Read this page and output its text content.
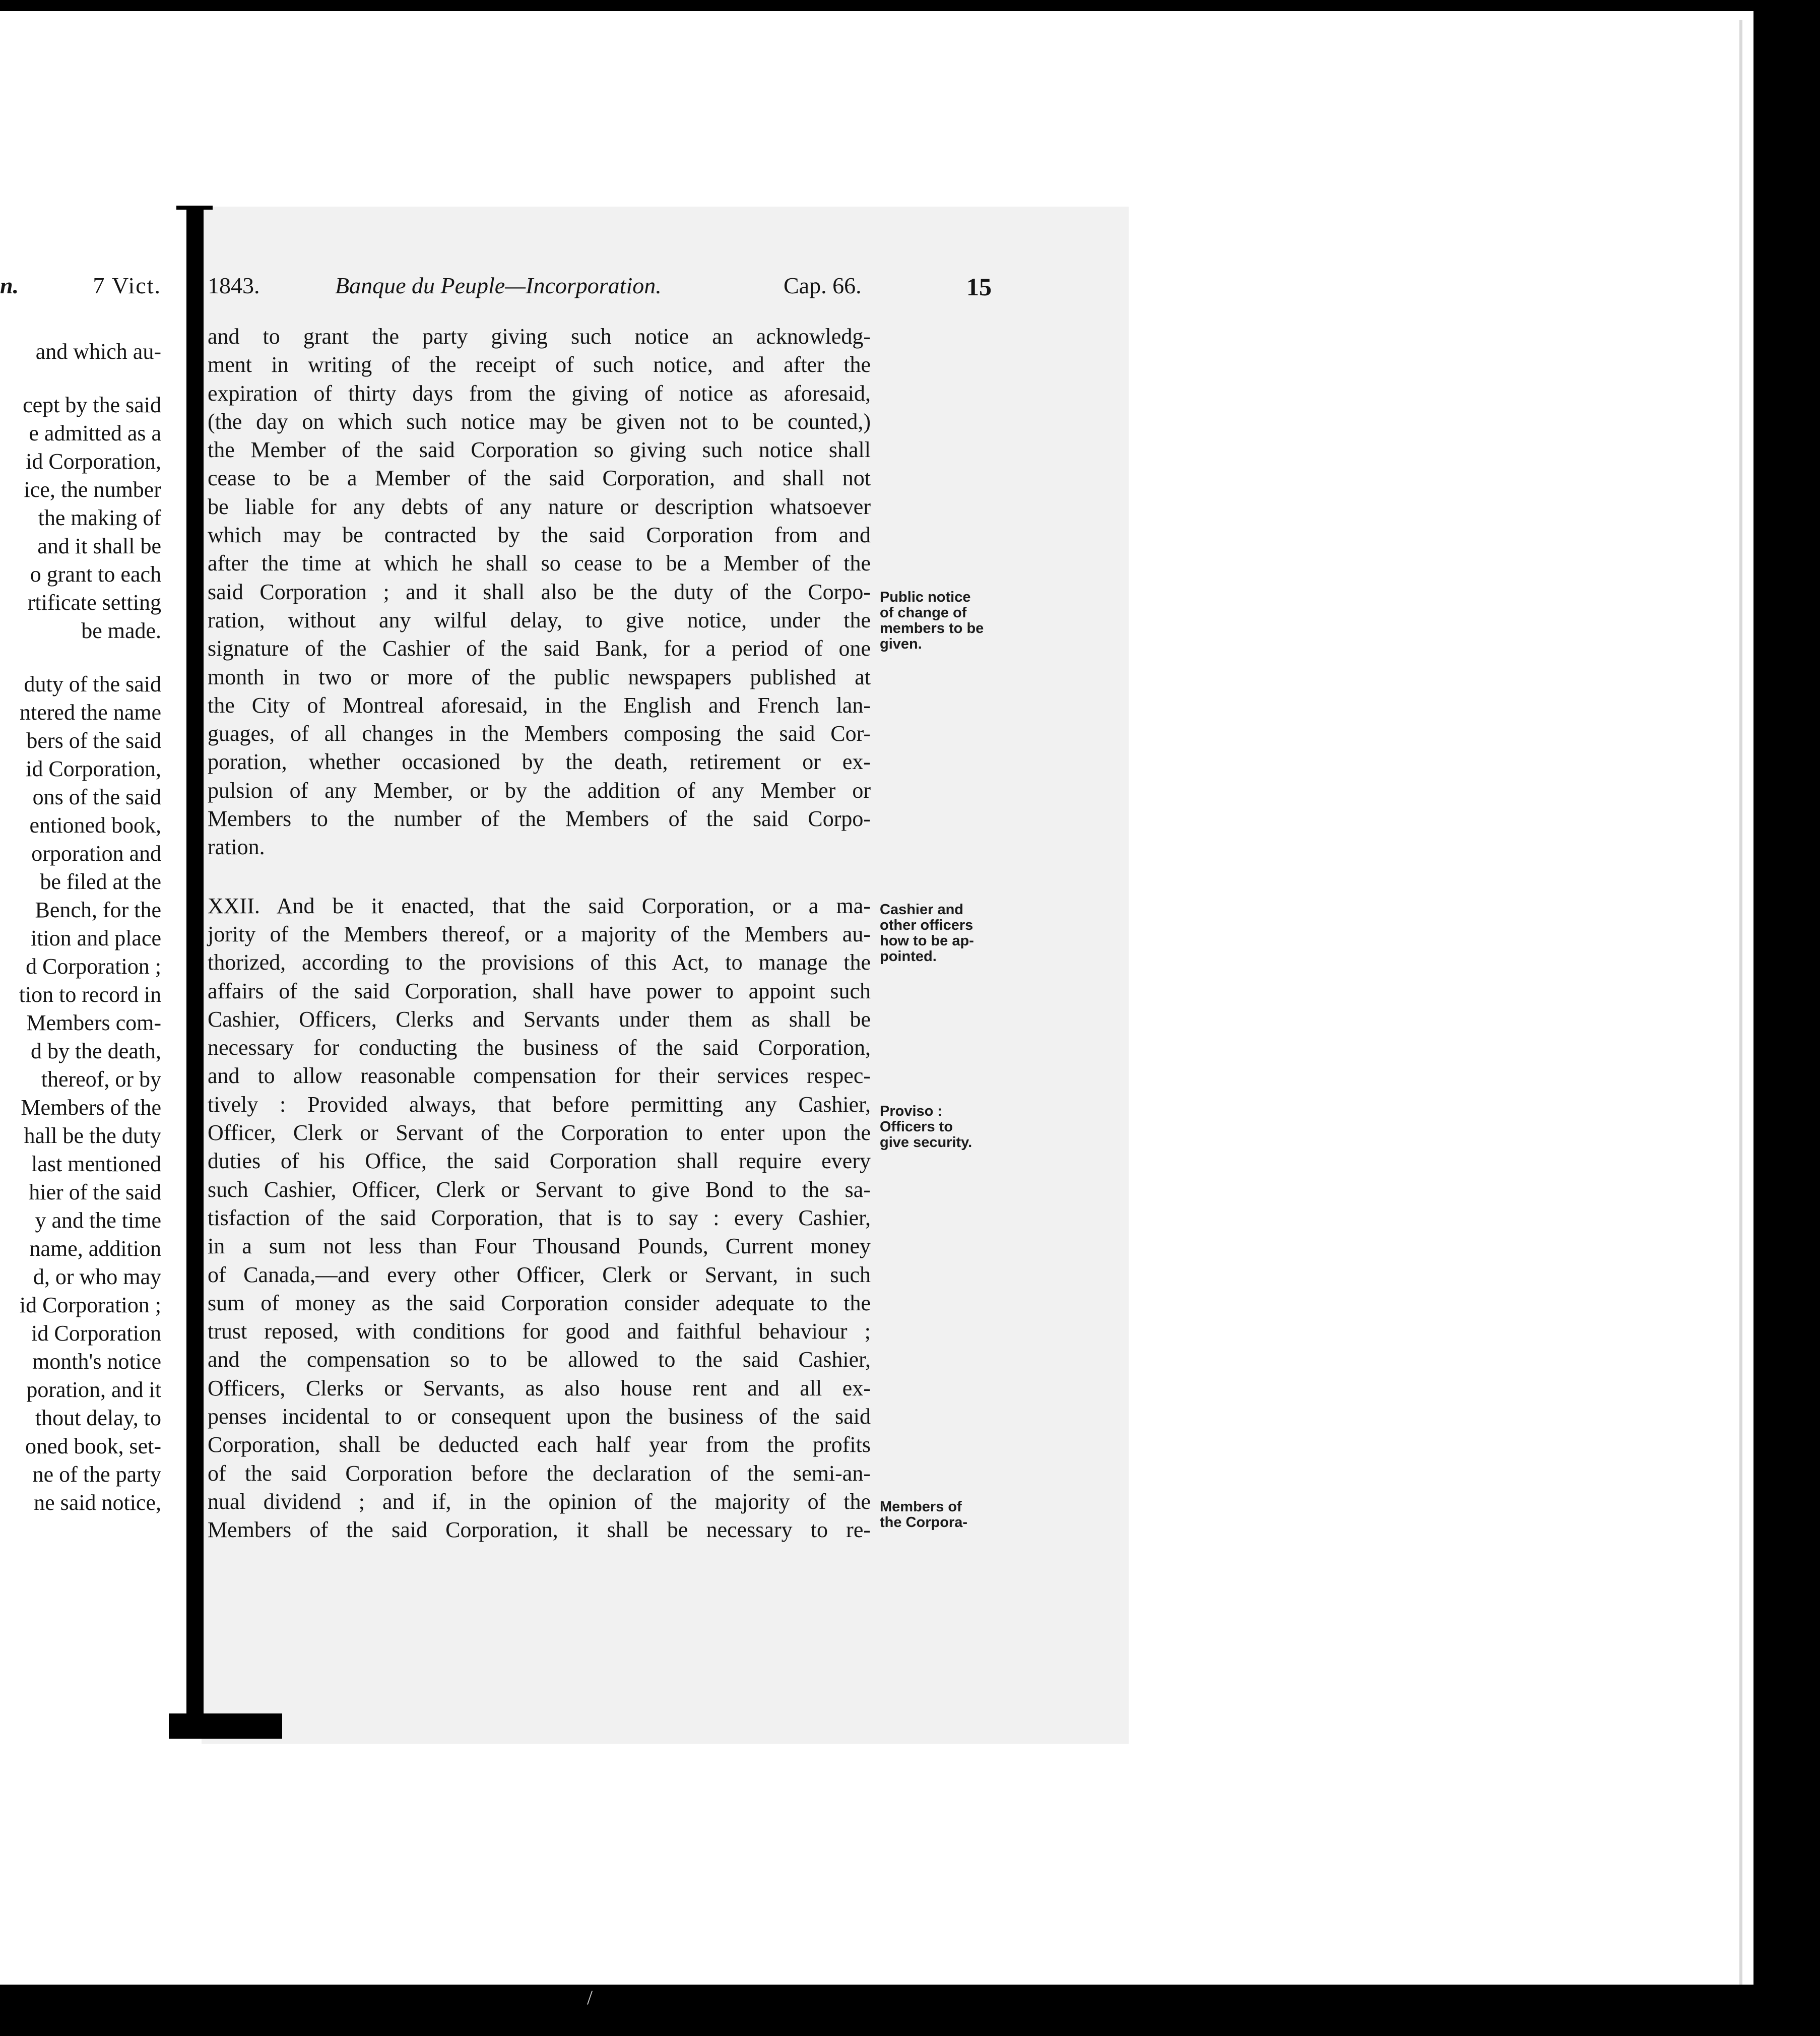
n.	7 Vict.
and which au-
cept by the said
e admitted as a
id Corporation,
ice, the number
the making of
and it shall be
o grant to each
rtificate setting
be made.
duty of the said
ntered the name
bers of the said
id Corporation,
ons of the said
entioned book,
orporation and
be filed at the
Bench, for the
ition and place
d Corporation ;
tion to record in
Members com-
d by the death,
thereof, or by
Members of the
hall be the duty
last mentioned
hier of the said
y and the time
name, addition
d, or who may
id Corporation ;
id Corporation
month's notice
poration, and it
thout delay, to
oned book, set-
ne of the party
ne said notice,
1843.	Banque du Peuple—Incorporation.	Cap. 66.	15
and to grant the party giving such notice an acknowledg-
ment in writing of the receipt of such notice, and after the
expiration of thirty days from the giving of notice as aforesaid,
(the day on which such notice may be given not to be counted,)
the Member of the said Corporation so giving such notice shall
cease to be a Member of the said Corporation, and shall not
be liable for any debts of any nature or description whatsoever
which may be contracted by the said Corporation from and
after the time at which he shall so cease to be a Member of the
said Corporation ; and it shall also be the duty of the Corpo-
ration, without any wilful delay, to give notice, under the
signature of the Cashier of the said Bank, for a period of one
month in two or more of the public newspapers published at
the City of Montreal aforesaid, in the English and French lan-
guages, of all changes in the Members composing the said Cor-
poration, whether occasioned by the death, retirement or ex-
pulsion of any Member, or by the addition of any Member or
Members to the number of the Members of the said Corpo-
ration.
XXII. And be it enacted, that the said Corporation, or a ma-
jority of the Members thereof, or a majority of the Members au-
thorized, according to the provisions of this Act, to manage the
affairs of the said Corporation, shall have power to appoint such
Cashier, Officers, Clerks and Servants under them as shall be
necessary for conducting the business of the said Corporation,
and to allow reasonable compensation for their services respec-
tively : Provided always, that before permitting any Cashier,
Officer, Clerk or Servant of the Corporation to enter upon the
duties of his Office, the said Corporation shall require every
such Cashier, Officer, Clerk or Servant to give Bond to the sa-
tisfaction of the said Corporation, that is to say : every Cashier,
in a sum not less than Four Thousand Pounds, Current money
of Canada,—and every other Officer, Clerk or Servant, in such
sum of money as the said Corporation consider adequate to the
trust reposed, with conditions for good and faithful behaviour ;
and the compensation so to be allowed to the said Cashier,
Officers, Clerks or Servants, as also house rent and all ex-
penses incidental to or consequent upon the business of the said
Corporation, shall be deducted each half year from the profits
of the said Corporation before the declaration of the semi-an-
nual dividend ; and if, in the opinion of the majority of the
Members of the said Corporation, it shall be necessary to re-
Public notice
of change of
members to be
given.
Cashier and
other officers
how to be ap-
pointed.
Proviso :
Officers to
give security.
Members of
the Corpora-
/
